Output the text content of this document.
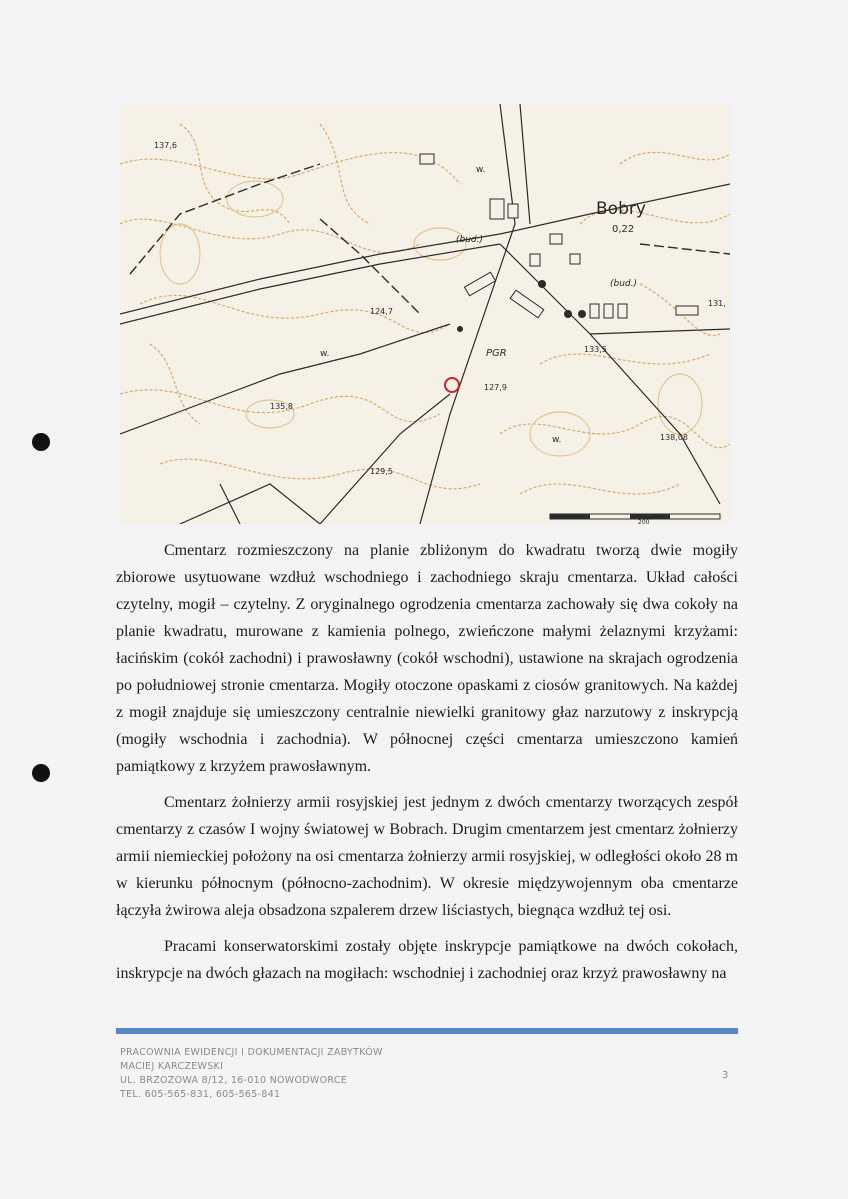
Bobry
0,22
137,6
124,7
135,8
129,5
127,9
133,5
138,08
131,
PGR
(bud.)
(bud.)
w.
w.
w.
200

Cmentarz rozmieszczony na planie zbliżonym do kwadratu tworzą dwie mogiły zbiorowe usytuowane wzdłuż wschodniego i zachodniego skraju cmentarza. Układ całości czytelny, mogił – czytelny. Z oryginalnego ogrodzenia cmentarza zachowały się dwa cokoły na planie kwadratu, murowane z kamienia polnego, zwieńczone małymi żelaznymi krzyżami: łacińskim (cokół zachodni) i prawosławny (cokół wschodni), ustawione na skrajach ogrodzenia po południowej stronie cmentarza. Mogiły otoczone opaskami z ciosów granitowych. Na każdej z mogił znajduje się umieszczony centralnie niewielki granitowy głaz narzutowy z inskrypcją (mogiły wschodnia i zachodnia). W północnej części cmentarza umieszczono kamień pamiątkowy z krzyżem prawosławnym.

Cmentarz żołnierzy armii rosyjskiej jest jednym z dwóch cmentarzy tworzących zespół cmentarzy z czasów I wojny światowej w Bobrach. Drugim cmentarzem jest cmentarz żołnierzy armii niemieckiej położony na osi cmentarza żołnierzy armii rosyjskiej, w odległości około 28 m w kierunku północnym (północno-zachodnim). W okresie międzywojennym oba cmentarze łączyła żwirowa aleja obsadzona szpalerem drzew liściastych, biegnąca wzdłuż tej osi.

Pracami konserwatorskimi zostały objęte inskrypcje pamiątkowe na dwóch cokołach, inskrypcje na dwóch głazach na mogiłach: wschodniej i zachodniej oraz krzyż prawosławny na

PRACOWNIA EWIDENCJI I DOKUMENTACJI ZABYTKÓW
MACIEJ KARCZEWSKI
UL. BRZOZOWA 8/12, 16-010 NOWODWORCE
TEL. 605-565-831, 605-565-841
3
